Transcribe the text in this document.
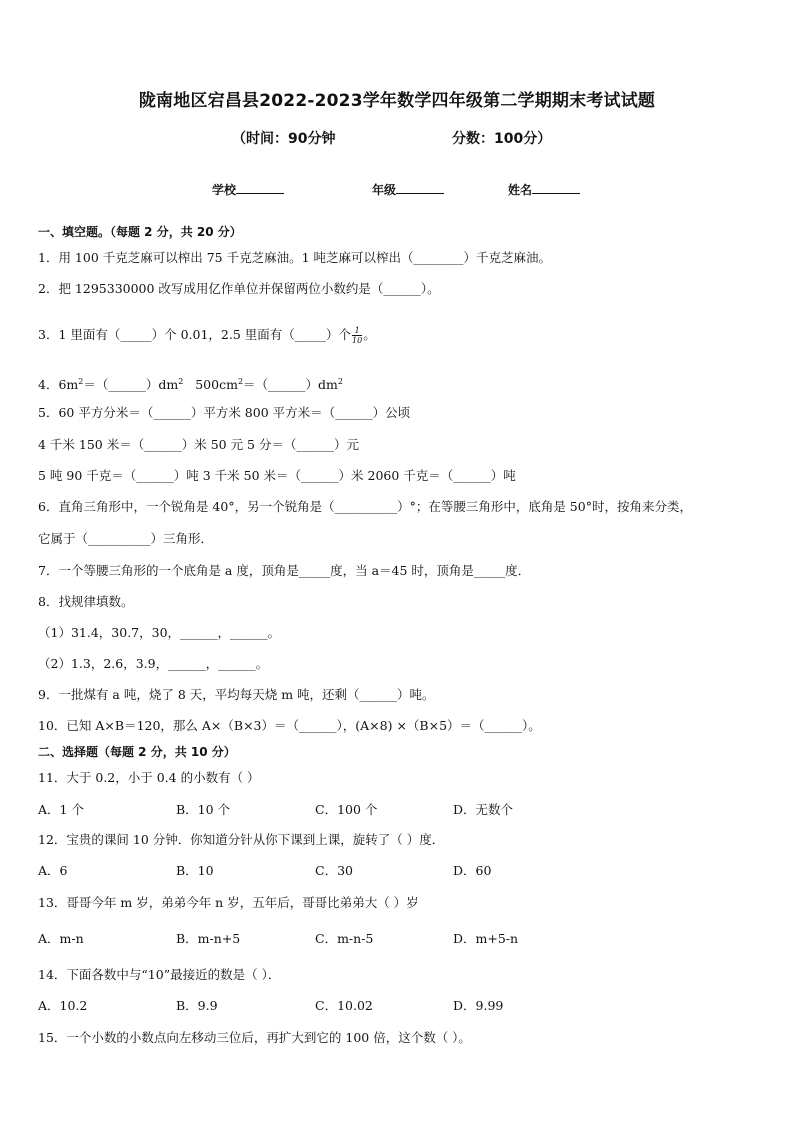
陇南地区宕昌县2022-2023学年数学四年级第二学期期末考试试题
（时间：90分钟	分数：100分）
学校	年级	姓名
一、填空题。（每题 2 分，共 20 分）
1．用 100 千克芝麻可以榨出 75 千克芝麻油。1 吨芝麻可以榨出（________）千克芝麻油。
2．把 1295330000 改写成用亿作单位并保留两位小数约是（______）。
3．1 里面有（_____）个 0.01，2.5 里面有（_____）个 $\frac{1}{10}$ 。
4．$6m^2=(\_\_\_\_\_\_)dm^2$   $500cm^2=(\_\_\_\_\_\_)dm^2$
5．60 平方分米＝（______）平方米 800 平方米＝（______）公顷
4 千米 150 米＝（______）米 50 元 5 分＝（______）元
5 吨 90 千克＝（______）吨 3 千米 50 米＝（______）米 2060 千克＝（______）吨
6．直角三角形中，一个锐角是 40°，另一个锐角是（__________）°；在等腰三角形中，底角是 50°时，按角来分类，
它属于（__________）三角形．
7．一个等腰三角形的一个底角是 a 度，顶角是_____度，当 a＝45 时，顶角是_____度．
8．找规律填数。
（1）31.4，30.7，30，______，______。
（2）1.3，2.6，3.9，______，______。
9．一批煤有 a 吨，烧了 8 天，平均每天烧 m 吨，还剩（______）吨。
10．已知 A×B＝120，那么 A×（B×3）＝（______），(A×8) ×（B×5）＝（______）。
二、选择题（每题 2 分，共 10 分）
11．大于 0.2，小于 0.4 的小数有（ ）
A．1 个	B．10 个	C．100 个	D．无数个
12．宝贵的课间 10 分钟．你知道分针从你下课到上课，旋转了（ ）度．
A．6	B．10	C．30	D．60
13．哥哥今年 m 岁，弟弟今年 n 岁，五年后，哥哥比弟弟大（ ）岁
A．m-n	B．m-n+5	C．m-n-5	D．m+5-n
14．下面各数中与“10”最接近的数是（ ）．
A．10.2	B．9.9	C．10.02	D．9.99
15．一个小数的小数点向左移动三位后，再扩大到它的 100 倍，这个数（ ）。
